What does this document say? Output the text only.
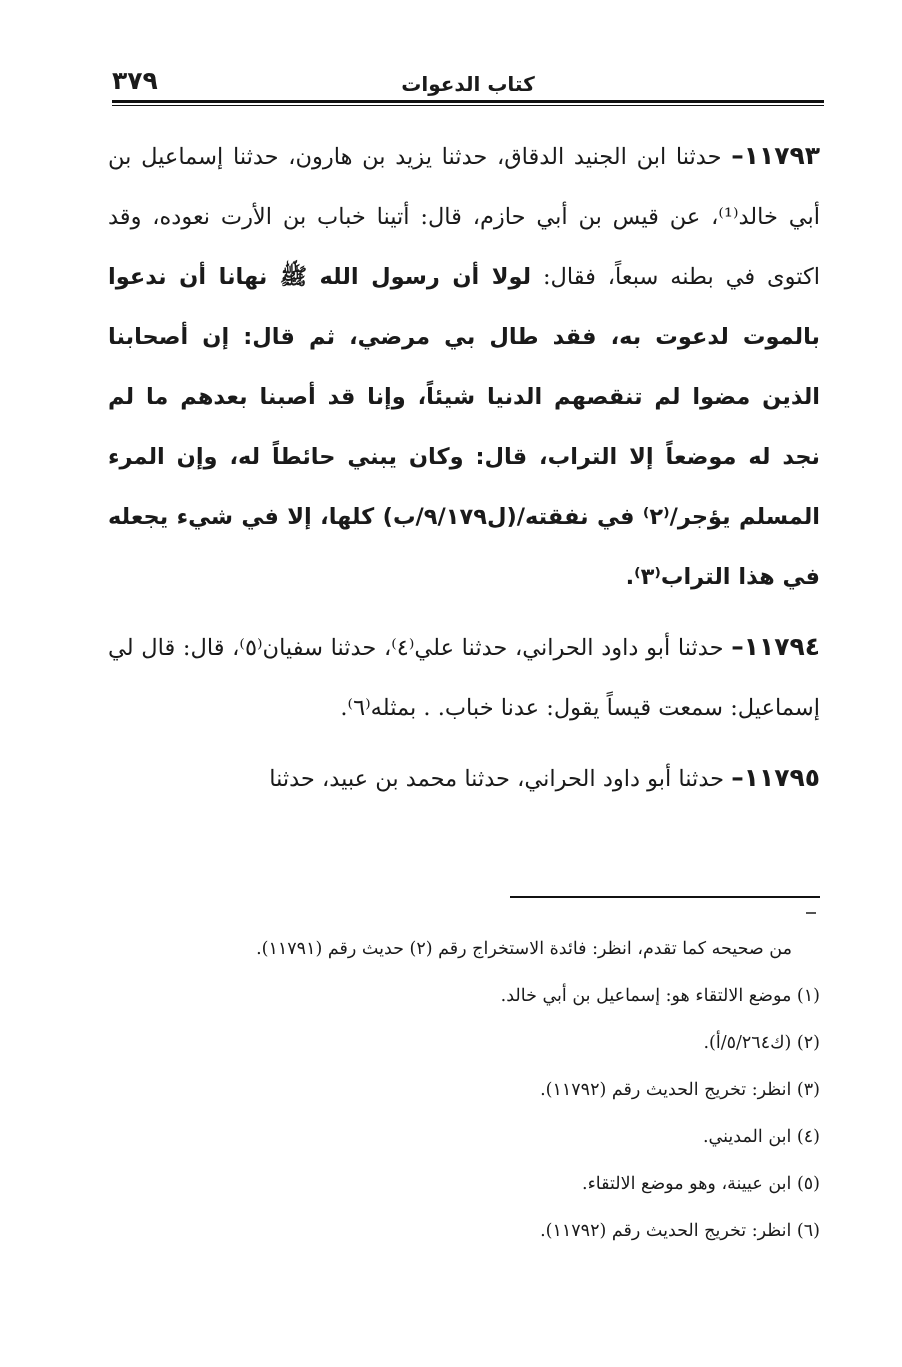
٣٧٩	كتاب الدعوات

١١٧٩٣– حدثنا ابن الجنيد الدقاق، حدثنا يزيد بن هارون، حدثنا إسماعيل بن أبي خالد⁽¹⁾، عن قيس بن أبي حازم، قال: أتينا خباب بن الأرت نعوده، وقد اكتوى في بطنه سبعاً، فقال: لولا أن رسول الله ﷺ نهانا أن ندعوا بالموت لدعوت به، فقد طال بي مرضي، ثم قال: إن أصحابنا الذين مضوا لم تنقصهم الدنيا شيئاً، وإنا قد أصبنا بعدهم ما لم نجد له موضعاً إلا التراب، قال: وكان يبني حائطاً له، وإن المرء المسلم يؤجر/⁽٢⁾ في نفقته/(ل٩/١٧٩/ب) كلها، إلا في شيء يجعله في هذا التراب⁽٣⁾.

١١٧٩٤– حدثنا أبو داود الحراني، حدثنا علي⁽٤⁾، حدثنا سفيان⁽٥⁾، قال: قال لي إسماعيل: سمعت قيساً يقول: عدنا خباب. . بمثله⁽٦⁾.

١١٧٩٥– حدثنا أبو داود الحراني، حدثنا محمد بن عبيد، حدثنا

من صحيحه كما تقدم، انظر: فائدة الاستخراج رقم (٢) حديث رقم (١١٧٩١).

(١) موضع الالتقاء هو: إسماعيل بن أبي خالد.

(٢) (ك٥/٢٦٤/أ).

(٣) انظر: تخريج الحديث رقم (١١٧٩٢).

(٤) ابن المديني.

(٥) ابن عيينة، وهو موضع الالتقاء.

(٦) انظر: تخريج الحديث رقم (١١٧٩٢).
